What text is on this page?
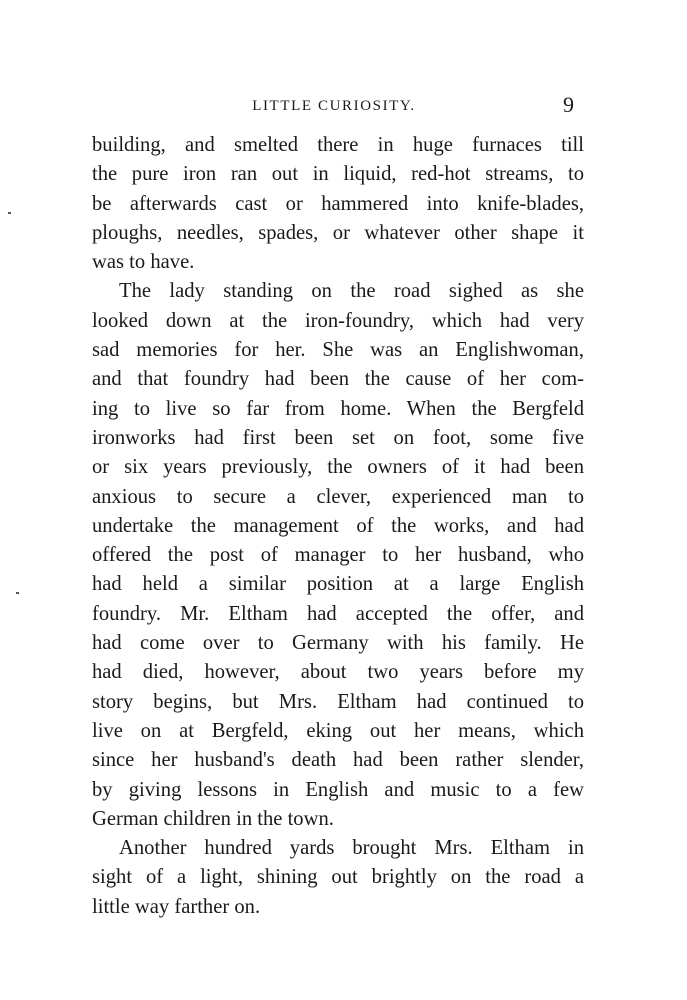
LITTLE CURIOSITY.	9
building, and smelted there in huge furnaces till
the pure iron ran out in liquid, red-hot streams, to
be afterwards cast or hammered into knife-blades,
ploughs, needles, spades, or whatever other shape it
was to have.
The lady standing on the road sighed as she
looked down at the iron-foundry, which had very
sad memories for her. She was an Englishwoman,
and that foundry had been the cause of her com-
ing to live so far from home. When the Bergfeld
ironworks had first been set on foot, some five
or six years previously, the owners of it had been
anxious to secure a clever, experienced man to
undertake the management of the works, and had
offered the post of manager to her husband, who
had held a similar position at a large English
foundry. Mr. Eltham had accepted the offer, and
had come over to Germany with his family. He
had died, however, about two years before my
story begins, but Mrs. Eltham had continued to
live on at Bergfeld, eking out her means, which
since her husband's death had been rather slender,
by giving lessons in English and music to a few
German children in the town.
Another hundred yards brought Mrs. Eltham in
sight of a light, shining out brightly on the road a
little way farther on.
